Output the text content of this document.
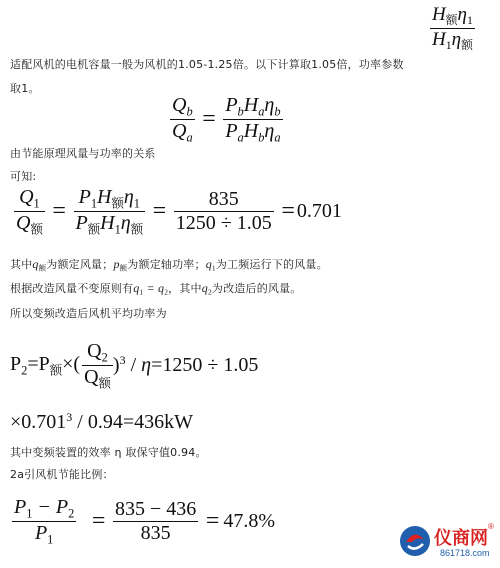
$\frac{H_额\eta_1}{H_1\eta_额}$
适配风机的电机容量一般为风机的1.05-1.25倍。以下计算取1.05倍，功率参数
取1。
$\frac{Q_b}{Q_a} = \frac{P_bH_a\eta_b}{P_aH_b\eta_a}$
由节能原理风量与功率的关系
可知:
$\frac{Q_1}{Q_额} = \frac{P_1H_额\eta_1}{P_额H_1\eta_额} = \frac{835}{1250 \div 1.05} = 0.701$
其中$q_额$为额定风量；$p_额$为额定轴功率；$q_1$为工频运行下的风量。
根据改造风量不变原则有$q_1 = q_2$，其中$q_2$为改造后的风量。
所以变频改造后风机平均功率为
$P_2=P_额\times( \frac{Q_2}{Q_额} )^3 / \eta=1250 \div 1.05$
$\times 0.701^3 / 0.94=436kW$
其中变频装置的效率 η 取保守值0.94。
2a引风机节能比例：
$\frac{P_1 - P_2}{P_1} = \frac{835 - 436}{835} = 47.8\%$
仪商网
®
861718.com
